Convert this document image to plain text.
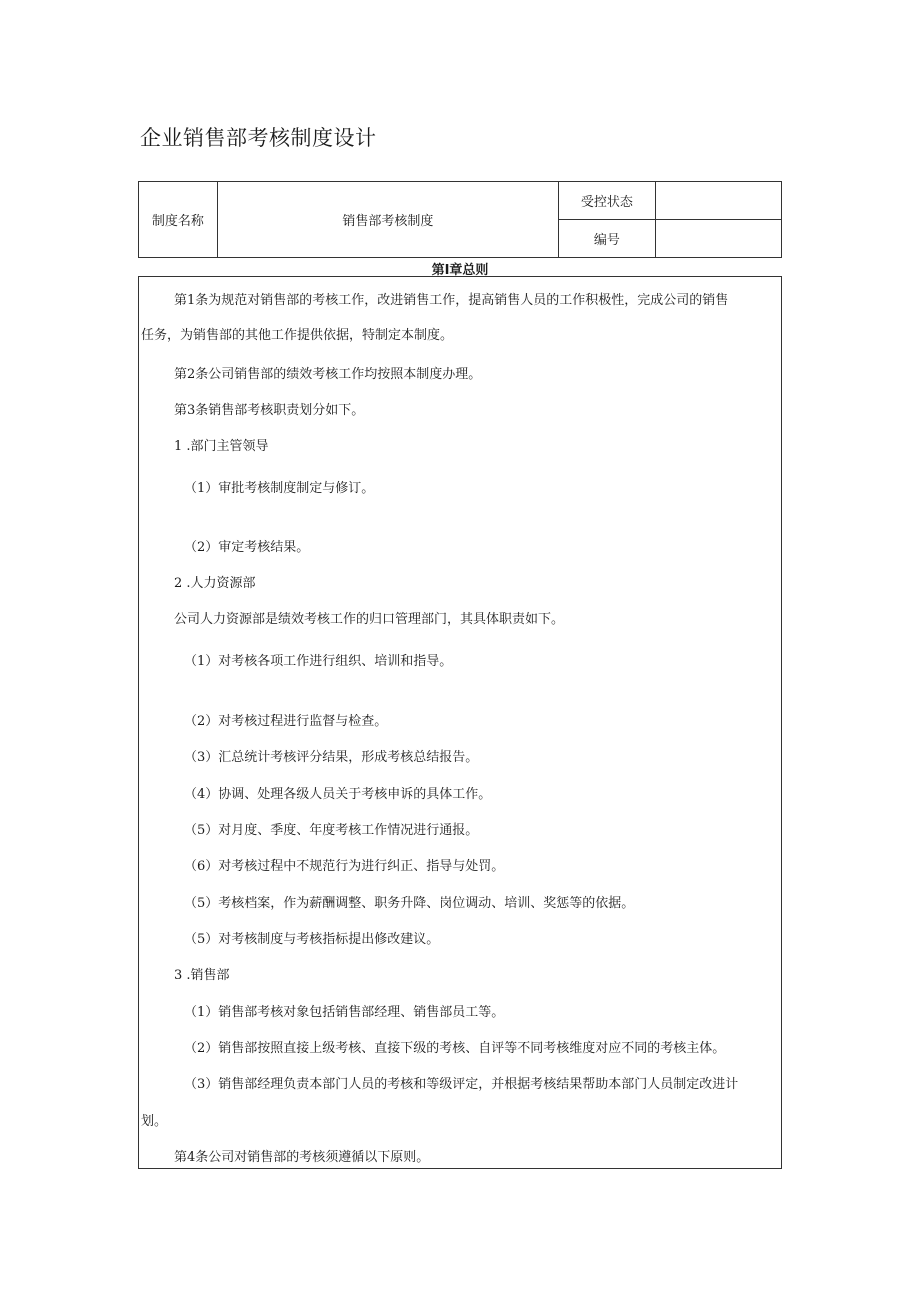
企业销售部考核制度设计
制度名称	销售部考核制度	受控状态	
		编号	
第I章总则
第1条为规范对销售部的考核工作，改进销售工作，提高销售人员的工作积极性，完成公司的销售
任务，为销售部的其他工作提供依据，特制定本制度。
第2条公司销售部的绩效考核工作均按照本制度办理。
第3条销售部考核职责划分如下。
1 .部门主管领导
（1）审批考核制度制定与修订。
（2）审定考核结果。
2 .人力资源部
公司人力资源部是绩效考核工作的归口管理部门，其具体职责如下。
（1）对考核各项工作进行组织、培训和指导。
（2）对考核过程进行监督与检查。
（3）汇总统计考核评分结果，形成考核总结报告。
（4）协调、处理各级人员关于考核申诉的具体工作。
（5）对月度、季度、年度考核工作情况进行通报。
（6）对考核过程中不规范行为进行纠正、指导与处罚。
（5）考核档案，作为薪酬调整、职务升降、岗位调动、培训、奖惩等的依据。
（5）对考核制度与考核指标提出修改建议。
3 .销售部
（1）销售部考核对象包括销售部经理、销售部员工等。
（2）销售部按照直接上级考核、直接下级的考核、自评等不同考核维度对应不同的考核主体。
（3）销售部经理负责本部门人员的考核和等级评定，并根据考核结果帮助本部门人员制定改进计
划。
第4条公司对销售部的考核须遵循以下原则。
